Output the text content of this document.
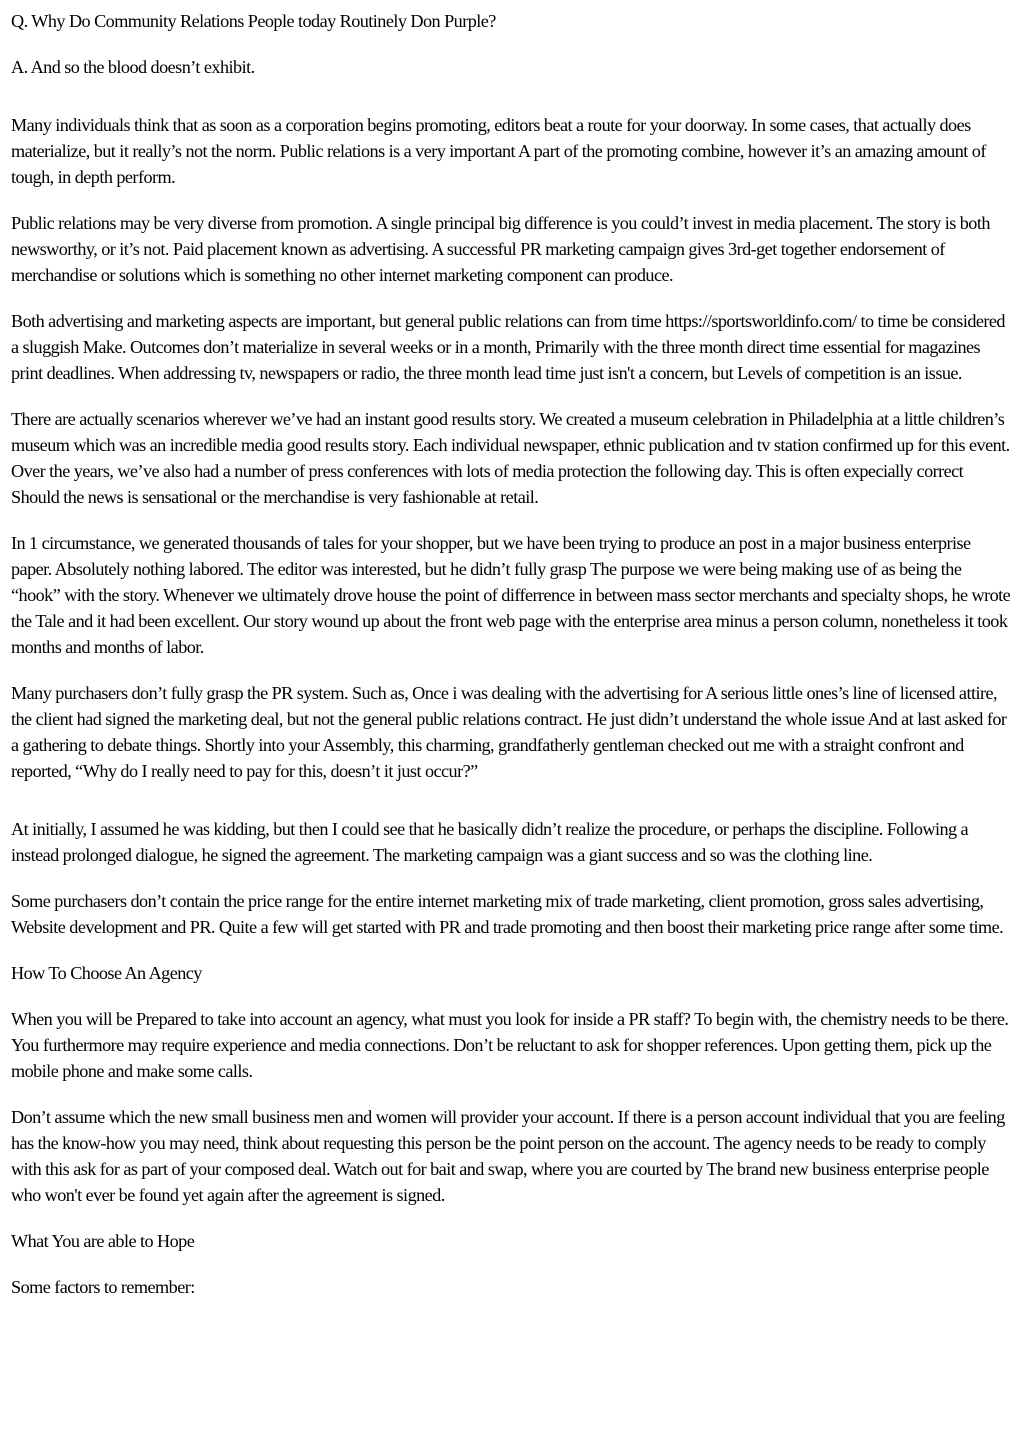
Q. Why Do Community Relations People today Routinely Don Purple?

A. And so the blood doesn’t exhibit.

Many individuals think that as soon as a corporation begins promoting, editors beat a route for your doorway. In some cases, that actually does materialize, but it really’s not the norm. Public relations is a very important A part of the promoting combine, however it’s an amazing amount of tough, in depth perform.

Public relations may be very diverse from promotion. A single principal big difference is you could’t invest in media placement. The story is both newsworthy, or it’s not. Paid placement known as advertising. A successful PR marketing campaign gives 3rd-get together endorsement of merchandise or solutions which is something no other internet marketing component can produce.

Both advertising and marketing aspects are important, but general public relations can from time https://sportsworldinfo.com/ to time be considered a sluggish Make. Outcomes don’t materialize in several weeks or in a month, Primarily with the three month direct time essential for magazines print deadlines. When addressing tv, newspapers or radio, the three month lead time just isn't a concern, but Levels of competition is an issue.

There are actually scenarios wherever we’ve had an instant good results story. We created a museum celebration in Philadelphia at a little children’s museum which was an incredible media good results story. Each individual newspaper, ethnic publication and tv station confirmed up for this event. Over the years, we’ve also had a number of press conferences with lots of media protection the following day. This is often expecially correct Should the news is sensational or the merchandise is very fashionable at retail.

In 1 circumstance, we generated thousands of tales for your shopper, but we have been trying to produce an post in a major business enterprise paper. Absolutely nothing labored. The editor was interested, but he didn’t fully grasp The purpose we were being making use of as being the “hook” with the story. Whenever we ultimately drove house the point of differrence in between mass sector merchants and specialty shops, he wrote the Tale and it had been excellent. Our story wound up about the front web page with the enterprise area minus a person column, nonetheless it took months and months of labor.

Many purchasers don’t fully grasp the PR system. Such as, Once i was dealing with the advertising for A serious little ones’s line of licensed attire, the client had signed the marketing deal, but not the general public relations contract. He just didn’t understand the whole issue And at last asked for a gathering to debate things. Shortly into your Assembly, this charming, grandfatherly gentleman checked out me with a straight confront and reported, “Why do I really need to pay for this, doesn’t it just occur?”

At initially, I assumed he was kidding, but then I could see that he basically didn’t realize the procedure, or perhaps the discipline. Following a instead prolonged dialogue, he signed the agreement. The marketing campaign was a giant success and so was the clothing line.

Some purchasers don’t contain the price range for the entire internet marketing mix of trade marketing, client promotion, gross sales advertising, Website development and PR. Quite a few will get started with PR and trade promoting and then boost their marketing price range after some time.

How To Choose An Agency

When you will be Prepared to take into account an agency, what must you look for inside a PR staff? To begin with, the chemistry needs to be there. You furthermore may require experience and media connections. Don’t be reluctant to ask for shopper references. Upon getting them, pick up the mobile phone and make some calls.

Don’t assume which the new small business men and women will provider your account. If there is a person account individual that you are feeling has the know-how you may need, think about requesting this person be the point person on the account. The agency needs to be ready to comply with this ask for as part of your composed deal. Watch out for bait and swap, where you are courted by The brand new business enterprise people who won't ever be found yet again after the agreement is signed.

What You are able to Hope

Some factors to remember:
